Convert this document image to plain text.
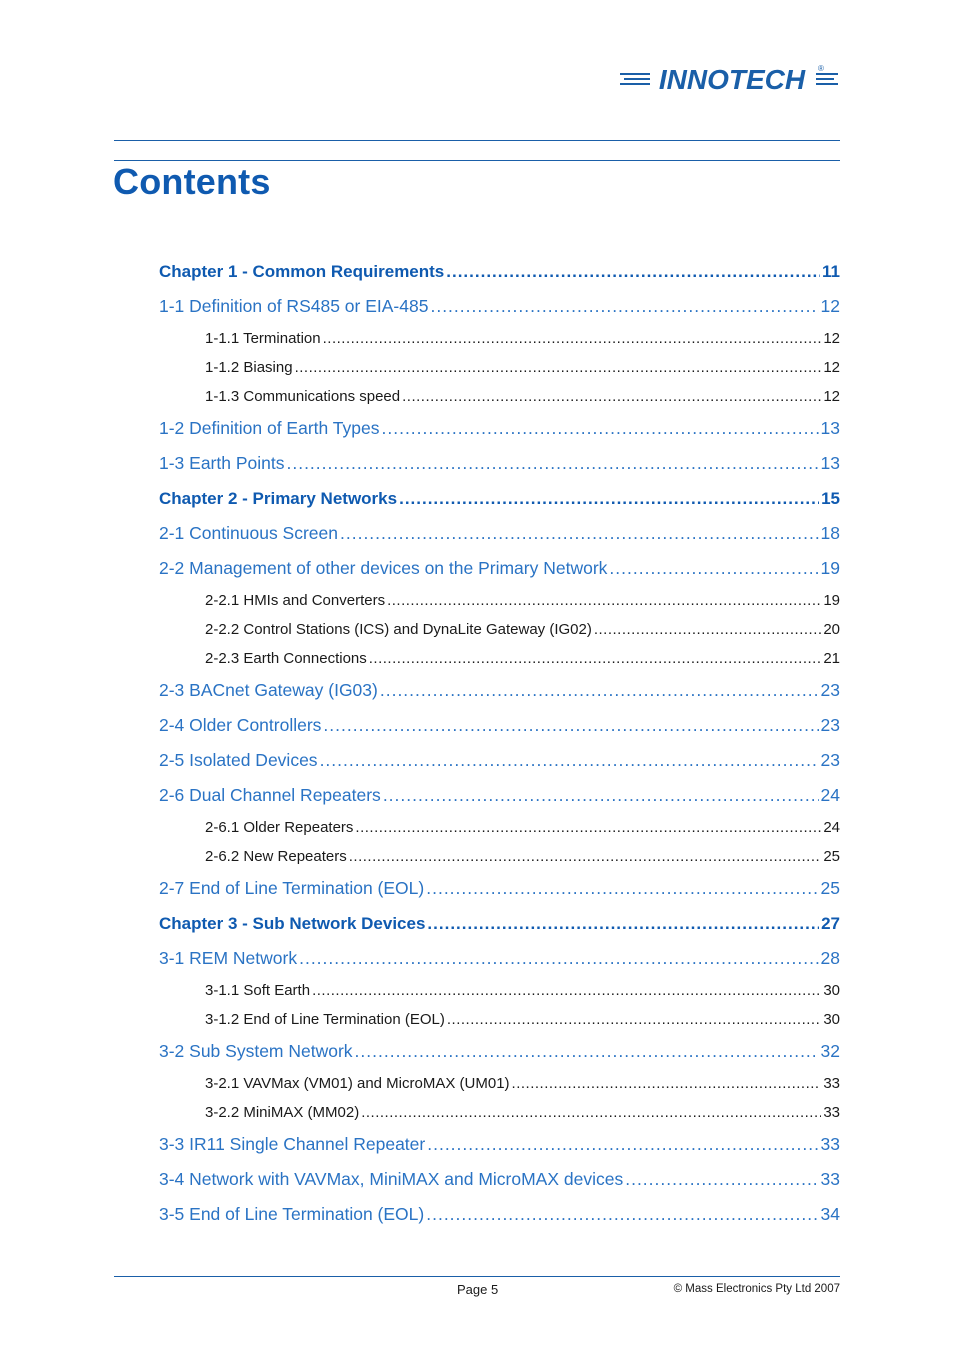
INNOTECH ®
Contents
Chapter 1 - Common Requirements .....	11
1-1 Definition of RS485 or EIA-485 .....	12
1-1.1 Termination .....	12
1-1.2 Biasing .....	12
1-1.3 Communications speed .....	12
1-2 Definition of Earth Types .....	13
1-3 Earth Points .....	13
Chapter 2 - Primary Networks .....	15
2-1 Continuous Screen .....	18
2-2 Management of other devices on the Primary Network .....	19
2-2.1 HMIs and Converters .....	19
2-2.2 Control Stations (ICS) and DynaLite Gateway (IG02) .....	20
2-2.3 Earth Connections .....	21
2-3 BACnet Gateway (IG03) .....	23
2-4 Older Controllers .....	23
2-5 Isolated Devices .....	23
2-6 Dual Channel Repeaters .....	24
2-6.1 Older Repeaters .....	24
2-6.2 New Repeaters .....	25
2-7 End of Line Termination (EOL) .....	25
Chapter 3 - Sub Network Devices .....	27
3-1 REM Network .....	28
3-1.1 Soft Earth .....	30
3-1.2 End of Line Termination (EOL) .....	30
3-2 Sub System Network .....	32
3-2.1 VAVMax (VM01) and MicroMAX (UM01) .....	33
3-2.2 MiniMAX (MM02) .....	33
3-3 IR11 Single Channel Repeater .....	33
3-4 Network with VAVMax, MiniMAX and MicroMAX devices .....	33
3-5 End of Line Termination (EOL) .....	34
Page 5	© Mass Electronics Pty Ltd 2007
